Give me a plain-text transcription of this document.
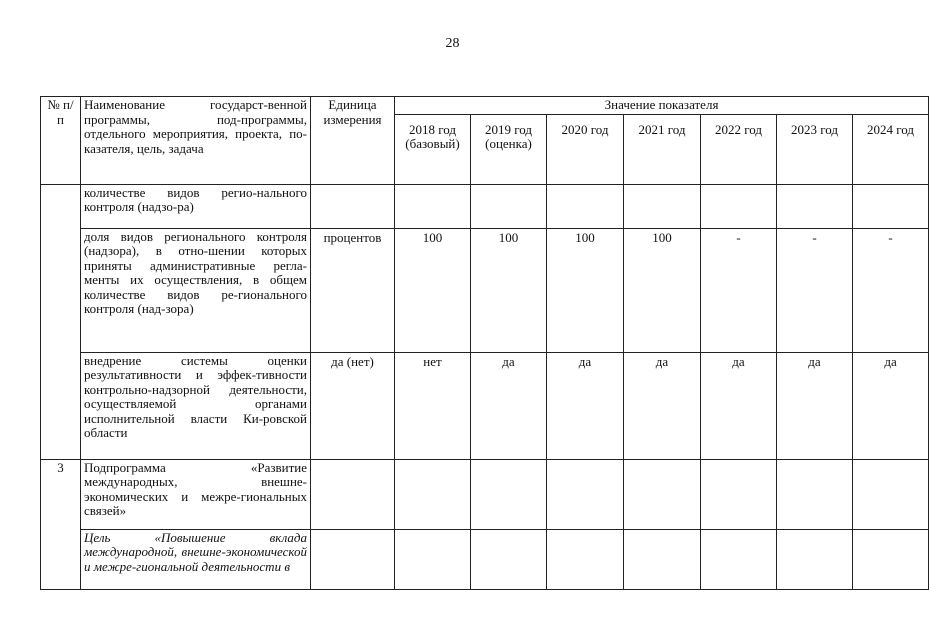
28
№ п/п	Наименование государст-венной программы, под-программы, отдельного мероприятия, проекта, по-казателя, цель, задача	Единица измерения	Значение показателя						

			2018 год (базовый)	2019 год (оценка)	2020 год	2021 год	2022 год	2023 год	2024 год

	количестве видов регио-нального контроля (надзо-ра)								

	доля видов регионального контроля (надзора), в отно-шении которых приняты административные регла-менты их осуществления, в общем количестве видов ре-гионального контроля (над-зора)	процентов	100	100	100	100	-	-	-

	внедрение системы оценки результативности и эффек-тивности контрольно-надзорной деятельности, осуществляемой органами исполнительной власти Ки-ровской области	да (нет)	нет	да	да	да	да	да	да

3	Подпрограмма «Развитие международных, внешне-экономических и межре-гиональных связей»								

	Цель «Повышение вклада международной, внешне-экономической и межре-гиональной деятельности в								
